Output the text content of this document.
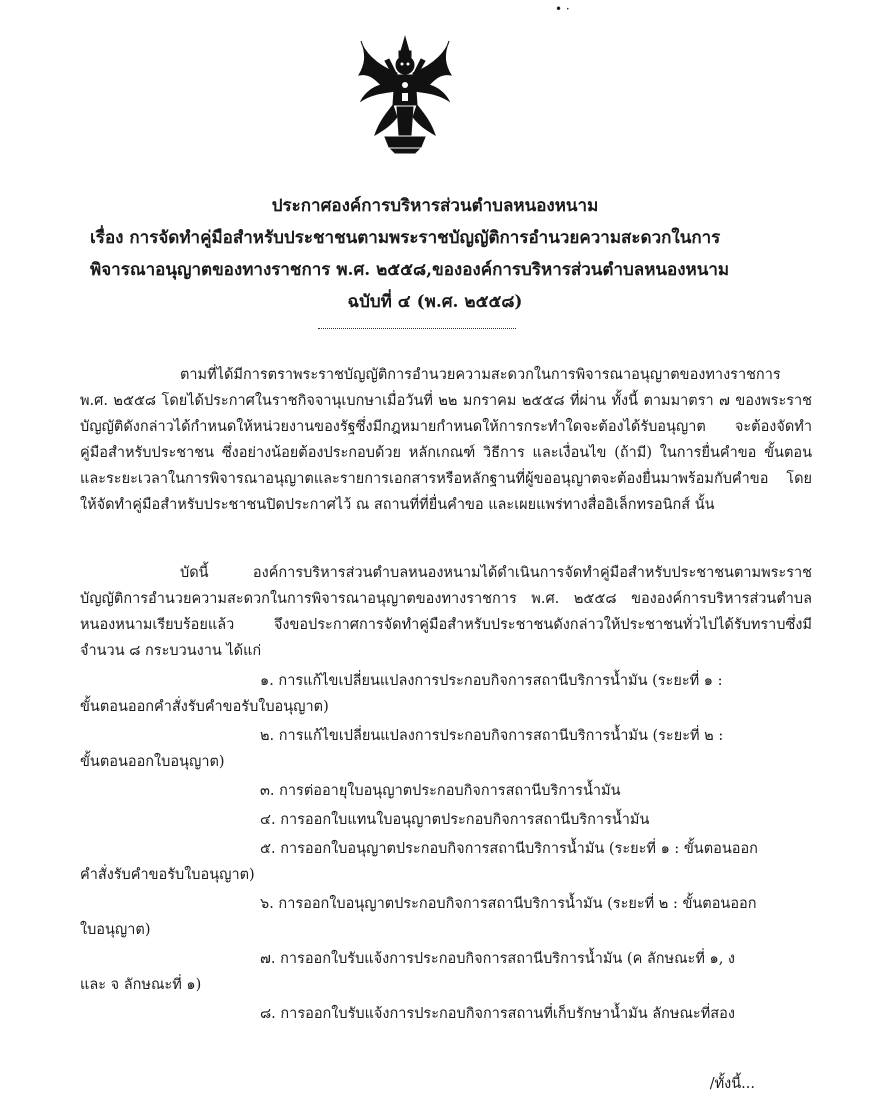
• ·
ประกาศองค์การบริหารส่วนตำบลหนองหนาม
เรื่อง การจัดทำคู่มือสำหรับประชาชนตามพระราชบัญญัติการอำนวยความสะดวกในการ
พิจารณาอนุญาตของทางราชการ พ.ศ. ๒๕๕๘,ขององค์การบริหารส่วนตำบลหนองหนาม
ฉบับที่ ๔ (พ.ศ. ๒๕๕๘)
ตามที่ได้มีการตราพระราชบัญญัติการอำนวยความสะดวกในการพิจารณาอนุญาตของทางราชการ พ.ศ. ๒๕๕๘ โดยได้ประกาศในราชกิจจานุเบกษาเมื่อวันที่ ๒๒ มกราคม ๒๕๕๘ ที่ผ่าน ทั้งนี้ ตามมาตรา ๗ ของพระราชบัญญัติดังกล่าวได้กำหนดให้หน่วยงานของรัฐซึ่งมีกฎหมายกำหนดให้การกระทำใดจะต้องได้รับอนุญาต จะต้องจัดทำคู่มือสำหรับประชาชน ซึ่งอย่างน้อยต้องประกอบด้วย หลักเกณฑ์ วิธีการ และเงื่อนไข (ถ้ามี) ในการยื่นคำขอ ขั้นตอนและระยะเวลาในการพิจารณาอนุญาตและรายการเอกสารหรือหลักฐานที่ผู้ขออนุญาตจะต้องยื่นมาพร้อมกับคำขอ โดยให้จัดทำคู่มือสำหรับประชาชนปิดประกาศไว้ ณ สถานที่ที่ยื่นคำขอ และเผยแพร่ทางสื่ออิเล็กทรอนิกส์ นั้น
บัดนี้ องค์การบริหารส่วนตำบลหนองหนามได้ดำเนินการจัดทำคู่มือสำหรับประชาชนตามพระราชบัญญัติการอำนวยความสะดวกในการพิจารณาอนุญาตของทางราชการ พ.ศ. ๒๕๕๘ ขององค์การบริหารส่วนตำบลหนองหนามเรียบร้อยแล้ว จึงขอประกาศการจัดทำคู่มือสำหรับประชาชนดังกล่าวให้ประชาชนทั่วไปได้รับทราบซึ่งมีจำนวน ๘ กระบวนงาน ได้แก่
๑. การแก้ไขเปลี่ยนแปลงการประกอบกิจการสถานีบริการน้ำมัน (ระยะที่ ๑ :
ขั้นตอนออกคำสั่งรับคำขอรับใบอนุญาต)
๒. การแก้ไขเปลี่ยนแปลงการประกอบกิจการสถานีบริการน้ำมัน (ระยะที่ ๒ :
ขั้นตอนออกใบอนุญาต)
๓. การต่ออายุใบอนุญาตประกอบกิจการสถานีบริการน้ำมัน
๔. การออกใบแทนใบอนุญาตประกอบกิจการสถานีบริการน้ำมัน
๕. การออกใบอนุญาตประกอบกิจการสถานีบริการน้ำมัน (ระยะที่ ๑ : ขั้นตอนออก
คำสั่งรับคำขอรับใบอนุญาต)
๖. การออกใบอนุญาตประกอบกิจการสถานีบริการน้ำมัน (ระยะที่ ๒ : ขั้นตอนออก
ใบอนุญาต)
๗. การออกใบรับแจ้งการประกอบกิจการสถานีบริการน้ำมัน (ค ลักษณะที่ ๑, ง
และ จ ลักษณะที่ ๑)
๘. การออกใบรับแจ้งการประกอบกิจการสถานที่เก็บรักษาน้ำมัน ลักษณะที่สอง
/ทั้งนี้...
